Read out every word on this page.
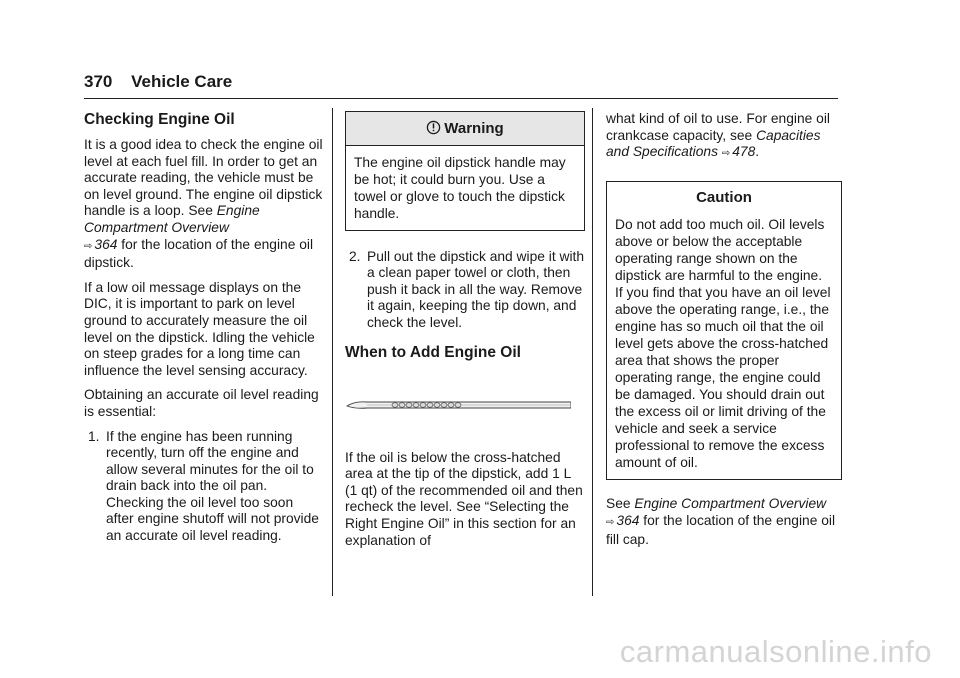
370 Vehicle Care
Checking Engine Oil

It is a good idea to check the engine oil level at each fuel fill. In order to get an accurate reading, the vehicle must be on level ground. The engine oil dipstick handle is a loop. See Engine Compartment Overview
⇨ 364 for the location of the engine oil dipstick.

If a low oil message displays on the DIC, it is important to park on level ground to accurately measure the oil level on the dipstick. Idling the vehicle on steep grades for a long time can influence the level sensing accuracy.

Obtaining an accurate oil level reading is essential:

1. If the engine has been running recently, turn off the engine and allow several minutes for the oil to drain back into the oil pan. Checking the oil level too soon after engine shutoff will not provide an accurate oil level reading.
Warning
The engine oil dipstick handle may be hot; it could burn you. Use a towel or glove to touch the dipstick handle.
2. Pull out the dipstick and wipe it with a clean paper towel or cloth, then push it back in all the way. Remove it again, keeping the tip down, and check the level.
When to Add Engine Oil

If the oil is below the cross-hatched area at the tip of the dipstick, add 1 L (1 qt) of the recommended oil and then recheck the level. See “Selecting the Right Engine Oil” in this section for an explanation of

what kind of oil to use. For engine oil crankcase capacity, see Capacities and Specifications ⇨ 478.

Caution
Do not add too much oil. Oil levels above or below the acceptable operating range shown on the dipstick are harmful to the engine. If you find that you have an oil level above the operating range, i.e., the engine has so much oil that the oil level gets above the cross-hatched area that shows the proper operating range, the engine could be damaged. You should drain out the excess oil or limit driving of the vehicle and seek a service professional to remove the excess amount of oil.

See Engine Compartment Overview
⇨ 364 for the location of the engine oil fill cap.

carmanualsonline.info
